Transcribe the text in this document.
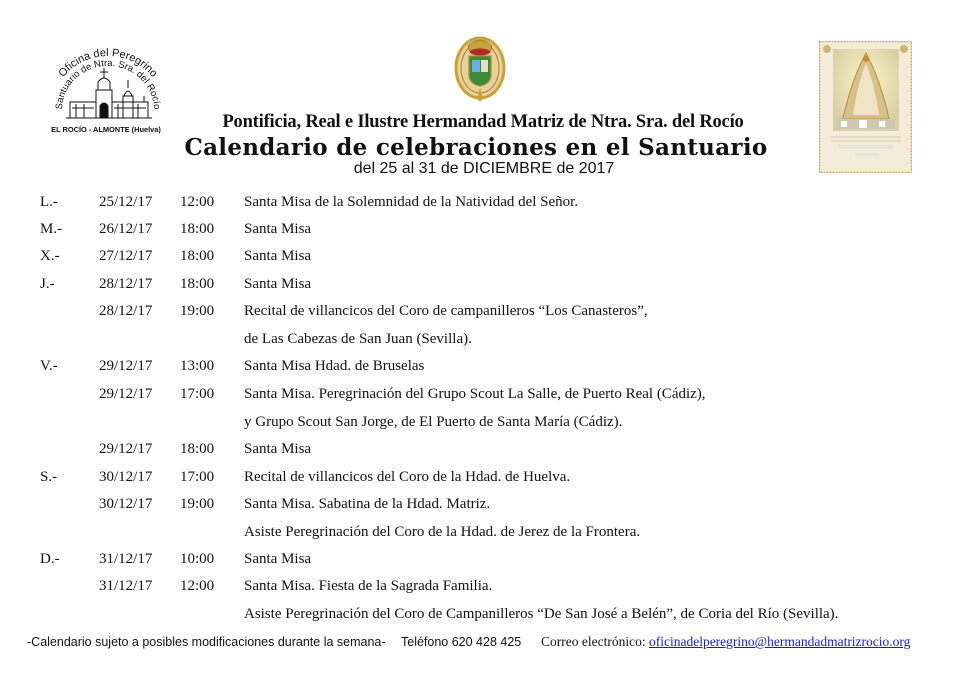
Oficina del Peregrino
Santuario de Ntra. Sra. del Rocío
EL ROCÍO - ALMONTE (Huelva)	Pontificia, Real e Ilustre Hermandad Matriz de Ntra. Sra. del Rocío
Calendario de celebraciones en el Santuario
del 25 al 31 de DICIEMBRE de 2017
L.-	25/12/17 12:00 Santa Misa de la Solemnidad de la Natividad del Señor.
M.- 26/12/17 18:00 Santa Misa
X.-	27/12/17 18:00 Santa Misa
J.-	28/12/17 18:00 Santa Misa
28/12/17 19:00 Recital de villancicos del Coro de campanilleros “Los Canasteros”,
de Las Cabezas de San Juan (Sevilla).
V.-	29/12/17 13:00 Santa Misa Hdad. de Bruselas
29/12/17 17:00 Santa Misa. Peregrinación del Grupo Scout La Salle, de Puerto Real (Cádiz),
y Grupo Scout San Jorge, de El Puerto de Santa María (Cádiz).
29/12/17 18:00 Santa Misa
S.-	30/12/17 17:00 Recital de villancicos del Coro de la Hdad. de Huelva.
30/12/17 19:00 Santa Misa. Sabatina de la Hdad. Matriz.
Asiste Peregrinación del Coro de la Hdad. de Jerez de la Frontera.
D.-	31/12/17 10:00 Santa Misa
31/12/17 12:00 Santa Misa. Fiesta de la Sagrada Familia.
Asiste Peregrinación del Coro de Campanilleros “De San José a Belén”, de Coria del Río (Sevilla).
-Calendario sujeto a posibles modificaciones durante la semana- Teléfono 620 428 425 Correo electrónico: oficinadelperegrino@hermandadmatrizrocio.org
